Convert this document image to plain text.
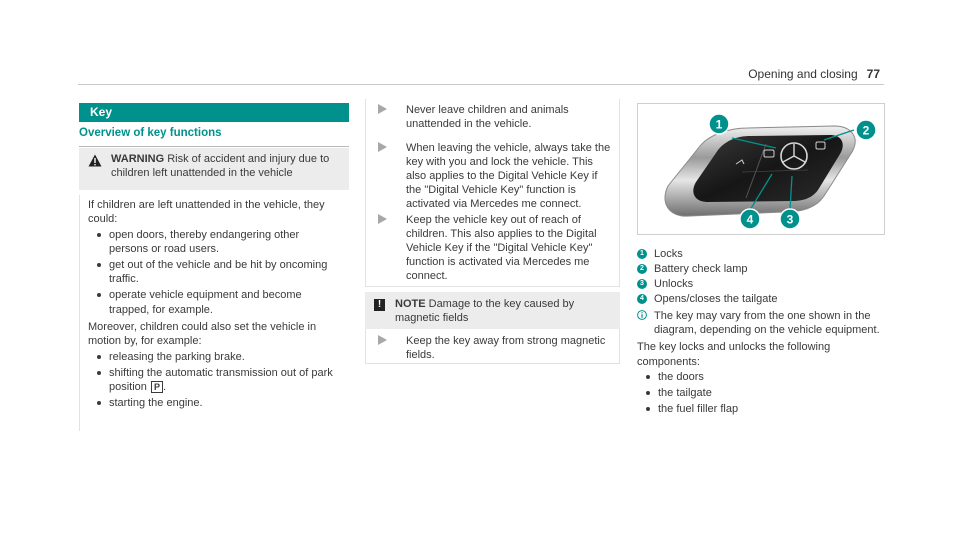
Opening and closing 77
Key
Overview of key functions
WARNING Risk of accident and injury due to children left unattended in the vehicle

If children are left unattended in the vehicle, they could:

open doors, thereby endangering other persons or road users.
get out of the vehicle and be hit by oncoming traffic.
operate vehicle equipment and become trapped, for example.

Moreover, children could also set the vehicle in motion by, for example:

releasing the parking brake.
shifting the automatic transmission out of park position P .
starting the engine.
Never leave children and animals unattended in the vehicle.
When leaving the vehicle, always take the key with you and lock the vehicle. This also applies to the Digital Vehicle Key if the "Digital Vehicle Key" function is activated via Mercedes me connect.
Keep the vehicle key out of reach of children. This also applies to the Digital Vehicle Key if the "Digital Vehicle Key" function is activated via Mercedes me connect.
!	NOTE Damage to the key caused by magnetic fields
Keep the key away from strong magnetic fields.
1	2
3
4
1 Locks
2 Battery check lamp
3 Unlocks
4 Opens/closes the tailgate
The key may vary from the one shown in the diagram, depending on the vehicle equipment.

The key locks and unlocks the following components:

the doors
the tailgate
the fuel filler flap
